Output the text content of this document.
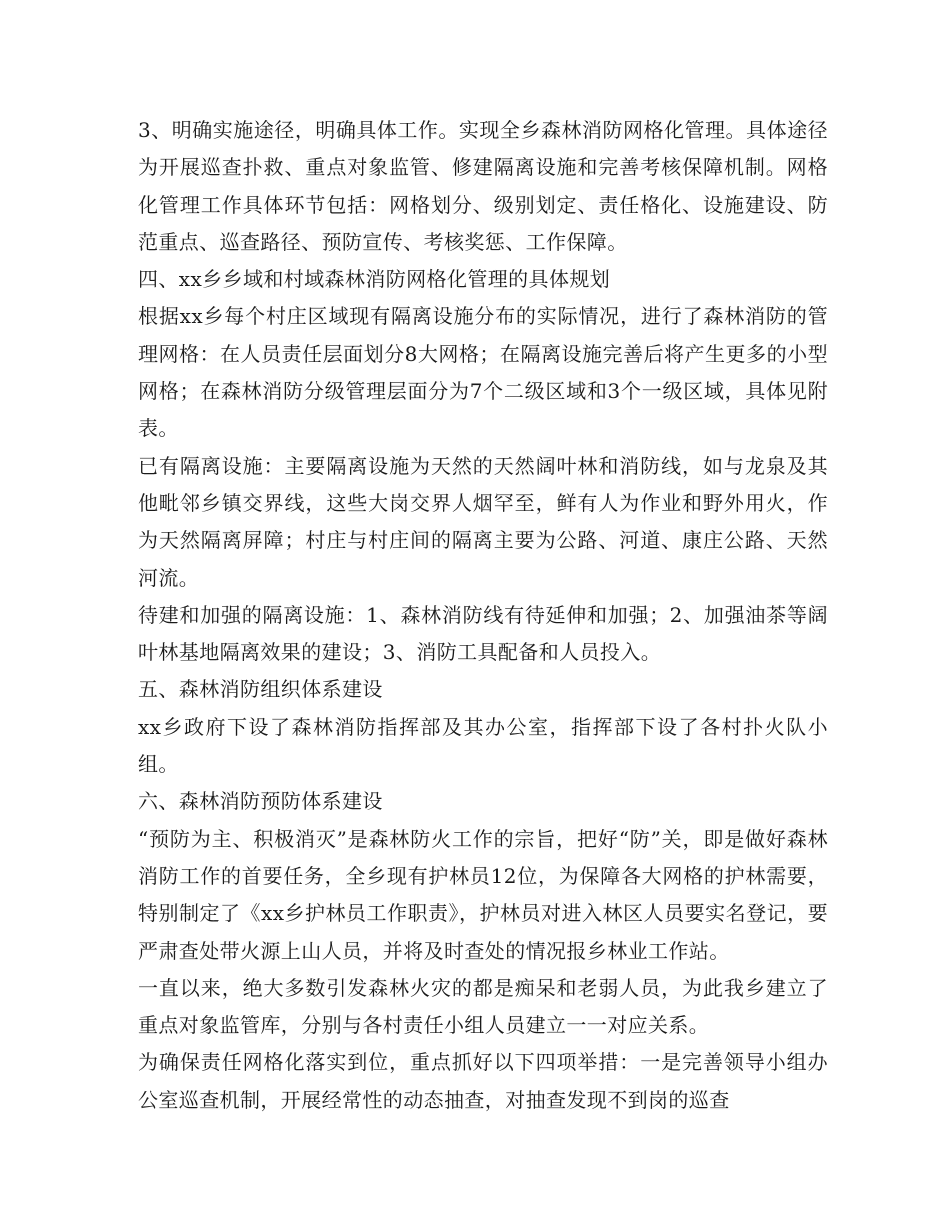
3、明确实施途径，明确具体工作。实现全乡森林消防网格化管理。具体途径为开展巡查扑救、重点对象监管、修建隔离设施和完善考核保障机制。网格化管理工作具体环节包括：网格划分、级别划定、责任格化、设施建设、防范重点、巡查路径、预防宣传、考核奖惩、工作保障。

四、xx乡乡域和村域森林消防网格化管理的具体规划

根据xx乡每个村庄区域现有隔离设施分布的实际情况，进行了森林消防的管理网格：在人员责任层面划分8大网格；在隔离设施完善后将产生更多的小型网格；在森林消防分级管理层面分为7个二级区域和3个一级区域，具体见附表。

已有隔离设施：主要隔离设施为天然的天然阔叶林和消防线，如与龙泉及其他毗邻乡镇交界线，这些大岗交界人烟罕至，鲜有人为作业和野外用火，作为天然隔离屏障；村庄与村庄间的隔离主要为公路、河道、康庄公路、天然河流。

待建和加强的隔离设施：1、森林消防线有待延伸和加强；2、加强油茶等阔叶林基地隔离效果的建设；3、消防工具配备和人员投入。

五、森林消防组织体系建设

xx乡政府下设了森林消防指挥部及其办公室，指挥部下设了各村扑火队小组。

六、森林消防预防体系建设

“预防为主、积极消灭”是森林防火工作的宗旨，把好“防”关，即是做好森林消防工作的首要任务，全乡现有护林员12位，为保障各大网格的护林需要，特别制定了《xx乡护林员工作职责》，护林员对进入林区人员要实名登记，要严肃查处带火源上山人员，并将及时查处的情况报乡林业工作站。

一直以来，绝大多数引发森林火灾的都是痴呆和老弱人员，为此我乡建立了重点对象监管库，分别与各村责任小组人员建立一一对应关系。

为确保责任网格化落实到位，重点抓好以下四项举措：一是完善领导小组办公室巡查机制，开展经常性的动态抽查，对抽查发现不到岗的巡查
